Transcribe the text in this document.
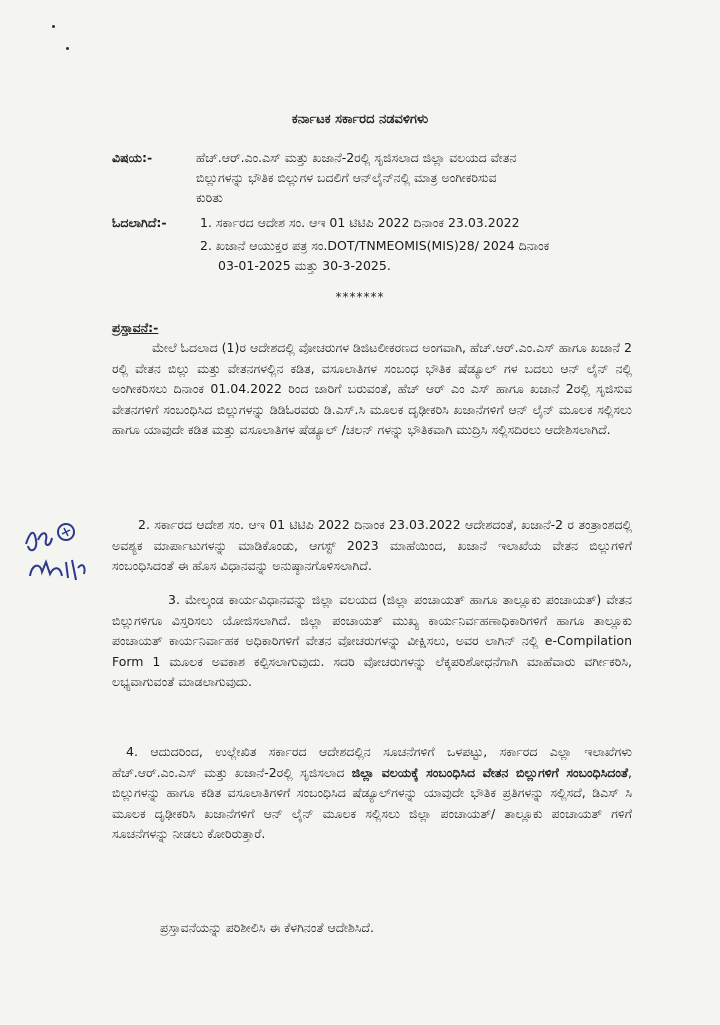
ಕರ್ನಾಟಕ ಸರ್ಕಾರದ ನಡವಳಿಗಳು
ವಿಷಯ:-	ಹೆಚ್.ಆರ್.ಎಂ.ಎಸ್ ಮತ್ತು ಖಜಾನೆ-2ರಲ್ಲಿ ಸೃಜಿಸಲಾದ ಜಿಲ್ಲಾ ವಲಯದ ವೇತನ
ಬಿಲ್ಲುಗಳನ್ನು ಭೌತಿಕ ಬಿಲ್ಲುಗಳ ಬದಲಿಗೆ ಆನ್‌ಲೈನ್‌ನಲ್ಲಿ ಮಾತ್ರ ಅಂಗೀಕರಿಸುವ
ಕುರಿತು
ಓದಲಾಗಿದೆ:-	1. ಸರ್ಕಾರದ ಆದೇಶ ಸಂ. ಆಇ 01 ಟಿಟಿಪಿ 2022 ದಿನಾಂಕ 23.03.2022
2. ಖಜಾನೆ ಆಯುಕ್ತರ ಪತ್ರ ಸಂ.DOT/TNMEOMIS(MIS)28/ 2024 ದಿನಾಂಕ
03-01-2025 ಮತ್ತು 30-3-2025.
*******
ಪ್ರಸ್ತಾವನೆ:-
ಮೇಲೆ ಓದಲಾದ (1)ರ ಆದೇಶದಲ್ಲಿ ವೋಚರುಗಳ ಡಿಜಿಟಲೀಕರಣದ ಅಂಗವಾಗಿ, ಹೆಚ್.ಆರ್.ಎಂ.ಎಸ್ ಹಾಗೂ ಖಜಾನೆ 2 ರಲ್ಲಿ ವೇತನ ಬಿಲ್ಲು ಮತ್ತು ವೇತನಗಳಲ್ಲಿನ ಕಡಿತ, ವಸೂಲಾತಿಗಳ ಸಂಬಂಧ ಭೌತಿಕ ಷೆಡ್ಯೂಲ್ ಗಳ ಬದಲು ಆನ್ ಲೈನ್ ನಲ್ಲಿ ಅಂಗೀಕರಿಸಲು ದಿನಾಂಕ 01.04.2022 ರಿಂದ ಜಾರಿಗೆ ಬರುವಂತೆ, ಹೆಚ್ ಆರ್ ಎಂ ಎಸ್ ಹಾಗೂ ಖಜಾನೆ 2ರಲ್ಲಿ ಸೃಜಿಸುವ ವೇತನಗಳಿಗೆ ಸಂಬಂಧಿಸಿದ ಬಿಲ್ಲುಗಳನ್ನು ಡಿಡಿಓರವರು ಡಿ.ಎಸ್.ಸಿ ಮೂಲಕ ದೃಢೀಕರಿಸಿ ಖಜಾನೆಗಳಿಗೆ ಆನ್ ಲೈನ್ ಮೂಲಕ ಸಲ್ಲಿಸಲು ಹಾಗೂ ಯಾವುದೇ ಕಡಿತ ಮತ್ತು ವಸೂಲಾತಿಗಳ ಷೆಡ್ಯೂಲ್ /ಚಲನ್ ಗಳನ್ನು ಭೌತಿಕವಾಗಿ ಮುದ್ರಿಸಿ ಸಲ್ಲಿಸದಿರಲು ಆದೇಶಿಸಲಾಗಿದೆ.
2. ಸರ್ಕಾರದ ಆದೇಶ ಸಂ. ಆಇ 01 ಟಿಟಿಪಿ 2022 ದಿನಾಂಕ 23.03.2022 ಆದೇಶದಂತೆ, ಖಜಾನೆ-2 ರ ತಂತ್ರಾಂಶದಲ್ಲಿ ಅವಶ್ಯಕ ಮಾರ್ಪಾಟುಗಳನ್ನು ಮಾಡಿಕೊಂಡು, ಆಗಸ್ಟ್ 2023 ಮಾಹೆಯಿಂದ, ಖಜಾನೆ ಇಲಾಖೆಯ ವೇತನ ಬಿಲ್ಲುಗಳಿಗೆ ಸಂಬಂಧಿಸಿದಂತೆ ಈ ಹೊಸ ವಿಧಾನವನ್ನು ಅನುಷ್ಠಾನಗೊಳಿಸಲಾಗಿದೆ.
3. ಮೇಲ್ಕಂಡ ಕಾರ್ಯವಿಧಾನವನ್ನು ಜಿಲ್ಲಾ ವಲಯದ (ಜಿಲ್ಲಾ ಪಂಚಾಯತ್ ಹಾಗೂ ತಾಲ್ಲೂಕು ಪಂಚಾಯತ್) ವೇತನ ಬಿಲ್ಲುಗಳಿಗೂ ವಿಸ್ತರಿಸಲು ಯೋಜಿಸಲಾಗಿದೆ. ಜಿಲ್ಲಾ ಪಂಚಾಯತ್ ಮುಖ್ಯ ಕಾರ್ಯನಿರ್ವಹಣಾಧಿಕಾರಿಗಳಿಗೆ ಹಾಗೂ ತಾಲ್ಲೂಕು ಪಂಚಾಯತ್ ಕಾರ್ಯನಿರ್ವಾಹಕ ಅಧಿಕಾರಿಗಳಿಗೆ ವೇತನ ವೋಚರುಗಳನ್ನು ವೀಕ್ಷಿಸಲು, ಅವರ ಲಾಗಿನ್ ನಲ್ಲಿ e-Compilation Form 1 ಮೂಲಕ ಅವಕಾಶ ಕಲ್ಪಿಸಲಾಗುವುದು. ಸದರಿ ವೋಚರುಗಳನ್ನು ಲೆಕ್ಕಪರಿಶೋಧನೆಗಾಗಿ ಮಾಹೆವಾರು ವರ್ಗೀಕರಿಸಿ, ಲಭ್ಯವಾಗುವಂತೆ ಮಾಡಲಾಗುವುದು.
4. ಆದುದರಿಂದ, ಉಲ್ಲೇಖಿತ ಸರ್ಕಾರದ ಆದೇಶದಲ್ಲಿನ ಸೂಚನೆಗಳಿಗೆ ಒಳಪಟ್ಟು, ಸರ್ಕಾರದ ಎಲ್ಲಾ ಇಲಾಖೆಗಳು ಹೆಚ್.ಆರ್.ಎಂ.ಎಸ್ ಮತ್ತು ಖಜಾನೆ-2ರಲ್ಲಿ ಸೃಜಿಸಲಾದ ಜಿಲ್ಲಾ ವಲಯಕ್ಕೆ ಸಂಬಂಧಿಸಿದ ವೇತನ ಬಿಲ್ಲುಗಳಿಗೆ ಸಂಬಂಧಿಸಿದಂತೆ, ಬಿಲ್ಲುಗಳನ್ನು ಹಾಗೂ ಕಡಿತ ವಸೂಲಾತಿಗಳಿಗೆ ಸಂಬಂಧಿಸಿದ ಷೆಡ್ಯೂಲ್‌ಗಳನ್ನು ಯಾವುದೇ ಭೌತಿಕ ಪ್ರತಿಗಳನ್ನು ಸಲ್ಲಿಸದೆ, ಡಿಎಸ್ ಸಿ ಮೂಲಕ ದೃಢೀಕರಿಸಿ ಖಜಾನೆಗಳಿಗೆ ಆನ್ ಲೈನ್ ಮೂಲಕ ಸಲ್ಲಿಸಲು ಜಿಲ್ಲಾ ಪಂಚಾಯತ್/ ತಾಲ್ಲೂಕು ಪಂಚಾಯತ್ ಗಳಿಗೆ ಸೂಚನೆಗಳನ್ನು ನೀಡಲು ಕೋರಿರುತ್ತಾರೆ.
ಪ್ರಸ್ತಾವನೆಯನ್ನು ಪರಿಶೀಲಿಸಿ ಈ ಕೆಳಗಿನಂತೆ ಆದೇಶಿಸಿದೆ.
